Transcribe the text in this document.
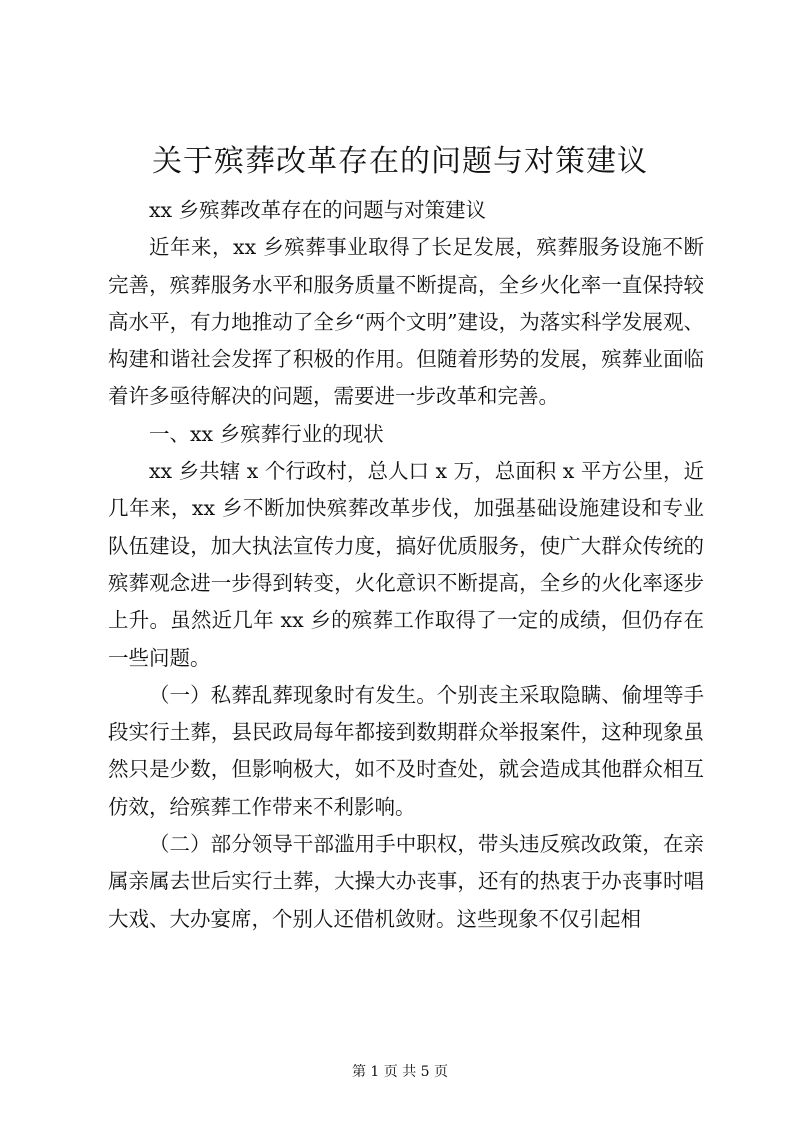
关于殡葬改革存在的问题与对策建议

xx 乡殡葬改革存在的问题与对策建议

近年来，xx 乡殡葬事业取得了长足发展，殡葬服务设施不断完善，殡葬服务水平和服务质量不断提高，全乡火化率一直保持较高水平，有力地推动了全乡“两个文明”建设，为落实科学发展观、构建和谐社会发挥了积极的作用。但随着形势的发展，殡葬业面临着许多亟待解决的问题，需要进一步改革和完善。

一、xx 乡殡葬行业的现状

xx 乡共辖 x 个行政村，总人口 x 万，总面积 x 平方公里，近几年来，xx 乡不断加快殡葬改革步伐，加强基础设施建设和专业队伍建设，加大执法宣传力度，搞好优质服务，使广大群众传统的殡葬观念进一步得到转变，火化意识不断提高，全乡的火化率逐步上升。虽然近几年 xx 乡的殡葬工作取得了一定的成绩，但仍存在一些问题。

（一）私葬乱葬现象时有发生。个别丧主采取隐瞒、偷埋等手段实行土葬，县民政局每年都接到数期群众举报案件，这种现象虽然只是少数，但影响极大，如不及时查处，就会造成其他群众相互仿效，给殡葬工作带来不利影响。

（二）部分领导干部滥用手中职权，带头违反殡改政策，在亲属亲属去世后实行土葬，大操大办丧事，还有的热衷于办丧事时唱大戏、大办宴席，个别人还借机敛财。这些现象不仅引起相

第 1 页 共 5 页
